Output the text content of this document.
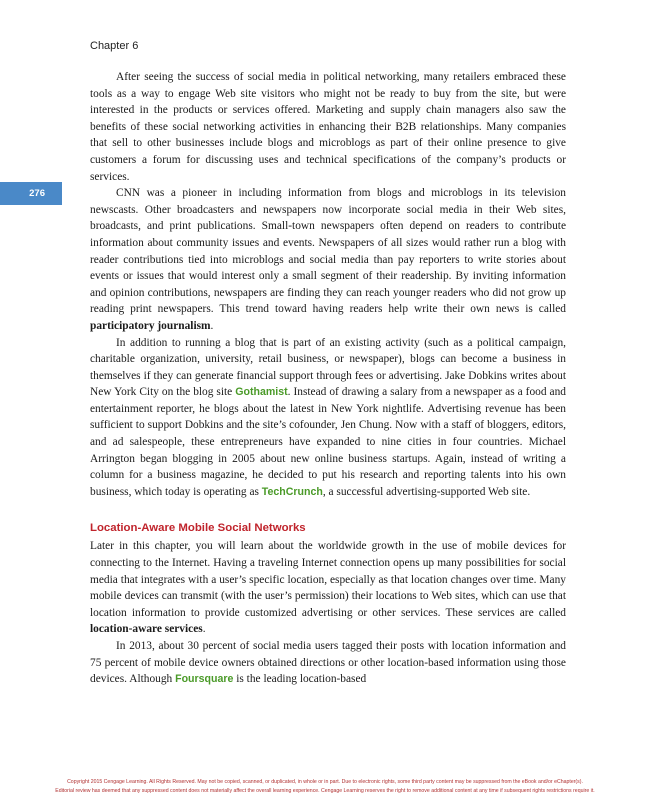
Chapter 6
276

After seeing the success of social media in political networking, many retailers embraced these tools as a way to engage Web site visitors who might not be ready to buy from the site, but were interested in the products or services offered. Marketing and supply chain managers also saw the benefits of these social networking activities in enhancing their B2B relationships. Many companies that sell to other businesses include blogs and microblogs as part of their online presence to give customers a forum for discussing uses and technical specifications of the company’s products or services.

CNN was a pioneer in including information from blogs and microblogs in its television newscasts. Other broadcasters and newspapers now incorporate social media in their Web sites, broadcasts, and print publications. Small-town newspapers often depend on readers to contribute information about community issues and events. Newspapers of all sizes would rather run a blog with reader contributions tied into microblogs and social media than pay reporters to write stories about events or issues that would interest only a small segment of their readership. By inviting information and opinion contributions, newspapers are finding they can reach younger readers who did not grow up reading print newspapers. This trend toward having readers help write their own news is called participatory journalism.

In addition to running a blog that is part of an existing activity (such as a political campaign, charitable organization, university, retail business, or newspaper), blogs can become a business in themselves if they can generate financial support through fees or advertising. Jake Dobkins writes about New York City on the blog site Gothamist. Instead of drawing a salary from a newspaper as a food and entertainment reporter, he blogs about the latest in New York nightlife. Advertising revenue has been sufficient to support Dobkins and the site’s cofounder, Jen Chung. Now with a staff of bloggers, editors, and ad salespeople, these entrepreneurs have expanded to nine cities in four countries. Michael Arrington began blogging in 2005 about new online business startups. Again, instead of writing a column for a business magazine, he decided to put his research and reporting talents into his own business, which today is operating as TechCrunch, a successful advertising-supported Web site.

Location-Aware Mobile Social Networks

Later in this chapter, you will learn about the worldwide growth in the use of mobile devices for connecting to the Internet. Having a traveling Internet connection opens up many possibilities for social media that integrates with a user’s specific location, especially as that location changes over time. Many mobile devices can transmit (with the user’s permission) their locations to Web sites, which can use that location information to provide customized advertising or other services. These services are called location-aware services.

In 2013, about 30 percent of social media users tagged their posts with location information and 75 percent of mobile device owners obtained directions or other location-based information using those devices. Although Foursquare is the leading location-based

Copyright 2015 Cengage Learning. All Rights Reserved. May not be copied, scanned, or duplicated, in whole or in part. Due to electronic rights, some third party content may be suppressed from the eBook and/or eChapter(s).
Editorial review has deemed that any suppressed content does not materially affect the overall learning experience. Cengage Learning reserves the right to remove additional content at any time if subsequent rights restrictions require it.
